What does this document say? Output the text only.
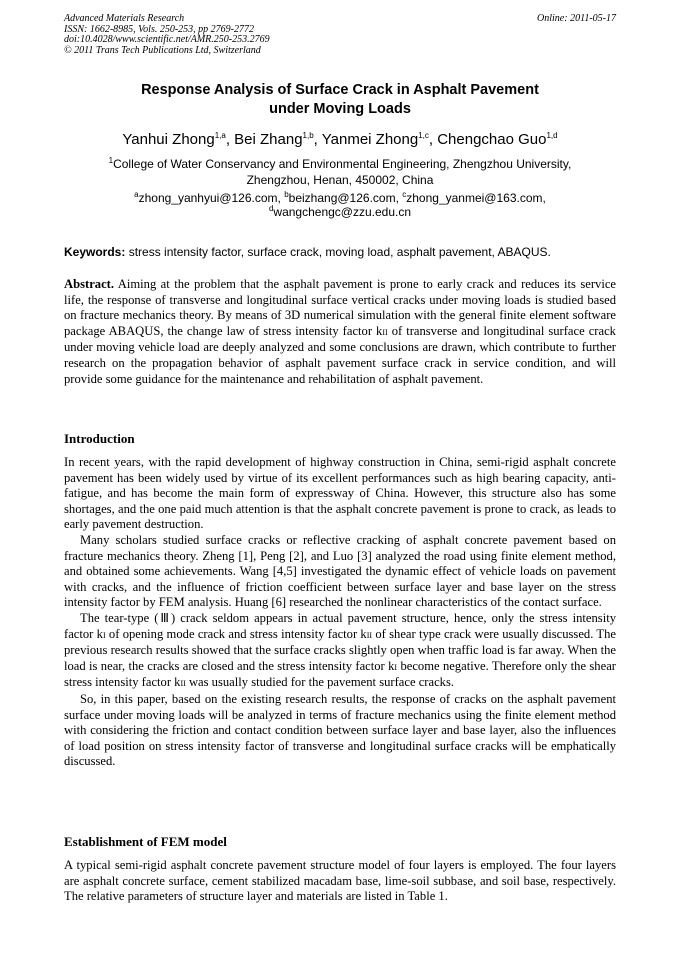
Advanced Materials Research
ISSN: 1662-8985, Vols. 250-253, pp 2769-2772
doi:10.4028/www.scientific.net/AMR.250-253.2769
© 2011 Trans Tech Publications Ltd, Switzerland
Online: 2011-05-17
Response Analysis of Surface Crack in Asphalt Pavement
under Moving Loads
Yanhui Zhong$^{1,a}$, Bei Zhang$^{1,b}$, Yanmei Zhong$^{1,c}$, Chengchao Guo$^{1,d}$
$^1$College of Water Conservancy and Environmental Engineering, Zhengzhou University,
Zhengzhou, Henan, 450002, China
$^a$zhong_yanhyui@126.com, $^b$beizhang@126.com, $^c$zhong_yanmei@163.com,
$^d$wangchengc@zzu.edu.cn
Keywords: stress intensity factor, surface crack, moving load, asphalt pavement, ABAQUS.

Abstract. Aiming at the problem that the asphalt pavement is prone to early crack and reduces its service life, the response of transverse and longitudinal surface vertical cracks under moving loads is studied based on fracture mechanics theory. By means of 3D numerical simulation with the general finite element software package ABAQUS, the change law of stress intensity factor kII of transverse and longitudinal surface crack under moving vehicle load are deeply analyzed and some conclusions are drawn, which contribute to further research on the propagation behavior of asphalt pavement surface crack in service condition, and will provide some guidance for the maintenance and rehabilitation of asphalt pavement.

Introduction

In recent years, with the rapid development of highway construction in China, semi-rigid asphalt concrete pavement has been widely used by virtue of its excellent performances such as high bearing capacity, anti-fatigue, and has become the main form of expressway of China. However, this structure also has some shortages, and the one paid much attention is that the asphalt concrete pavement is prone to crack, as leads to early pavement destruction.

Many scholars studied surface cracks or reflective cracking of asphalt concrete pavement based on fracture mechanics theory. Zheng [1], Peng [2], and Luo [3] analyzed the road using finite element method, and obtained some achievements. Wang [4,5] investigated the dynamic effect of vehicle loads on pavement with cracks, and the influence of friction coefficient between surface layer and base layer on the stress intensity factor by FEM analysis. Huang [6] researched the nonlinear characteristics of the contact surface.

The tear-type (Ⅲ) crack seldom appears in actual pavement structure, hence, only the stress intensity factor kI of opening mode crack and stress intensity factor kII of shear type crack were usually discussed. The previous research results showed that the surface cracks slightly open when traffic load is far away. When the load is near, the cracks are closed and the stress intensity factor kI become negative. Therefore only the shear stress intensity factor kII was usually studied for the pavement surface cracks.

So, in this paper, based on the existing research results, the response of cracks on the asphalt pavement surface under moving loads will be analyzed in terms of fracture mechanics using the finite element method with considering the friction and contact condition between surface layer and base layer, also the influences of load position on stress intensity factor of transverse and longitudinal surface cracks will be emphatically discussed.

Establishment of FEM model

A typical semi-rigid asphalt concrete pavement structure model of four layers is employed. The four layers are asphalt concrete surface, cement stabilized macadam base, lime-soil subbase, and soil base, respectively. The relative parameters of structure layer and materials are listed in Table 1.
